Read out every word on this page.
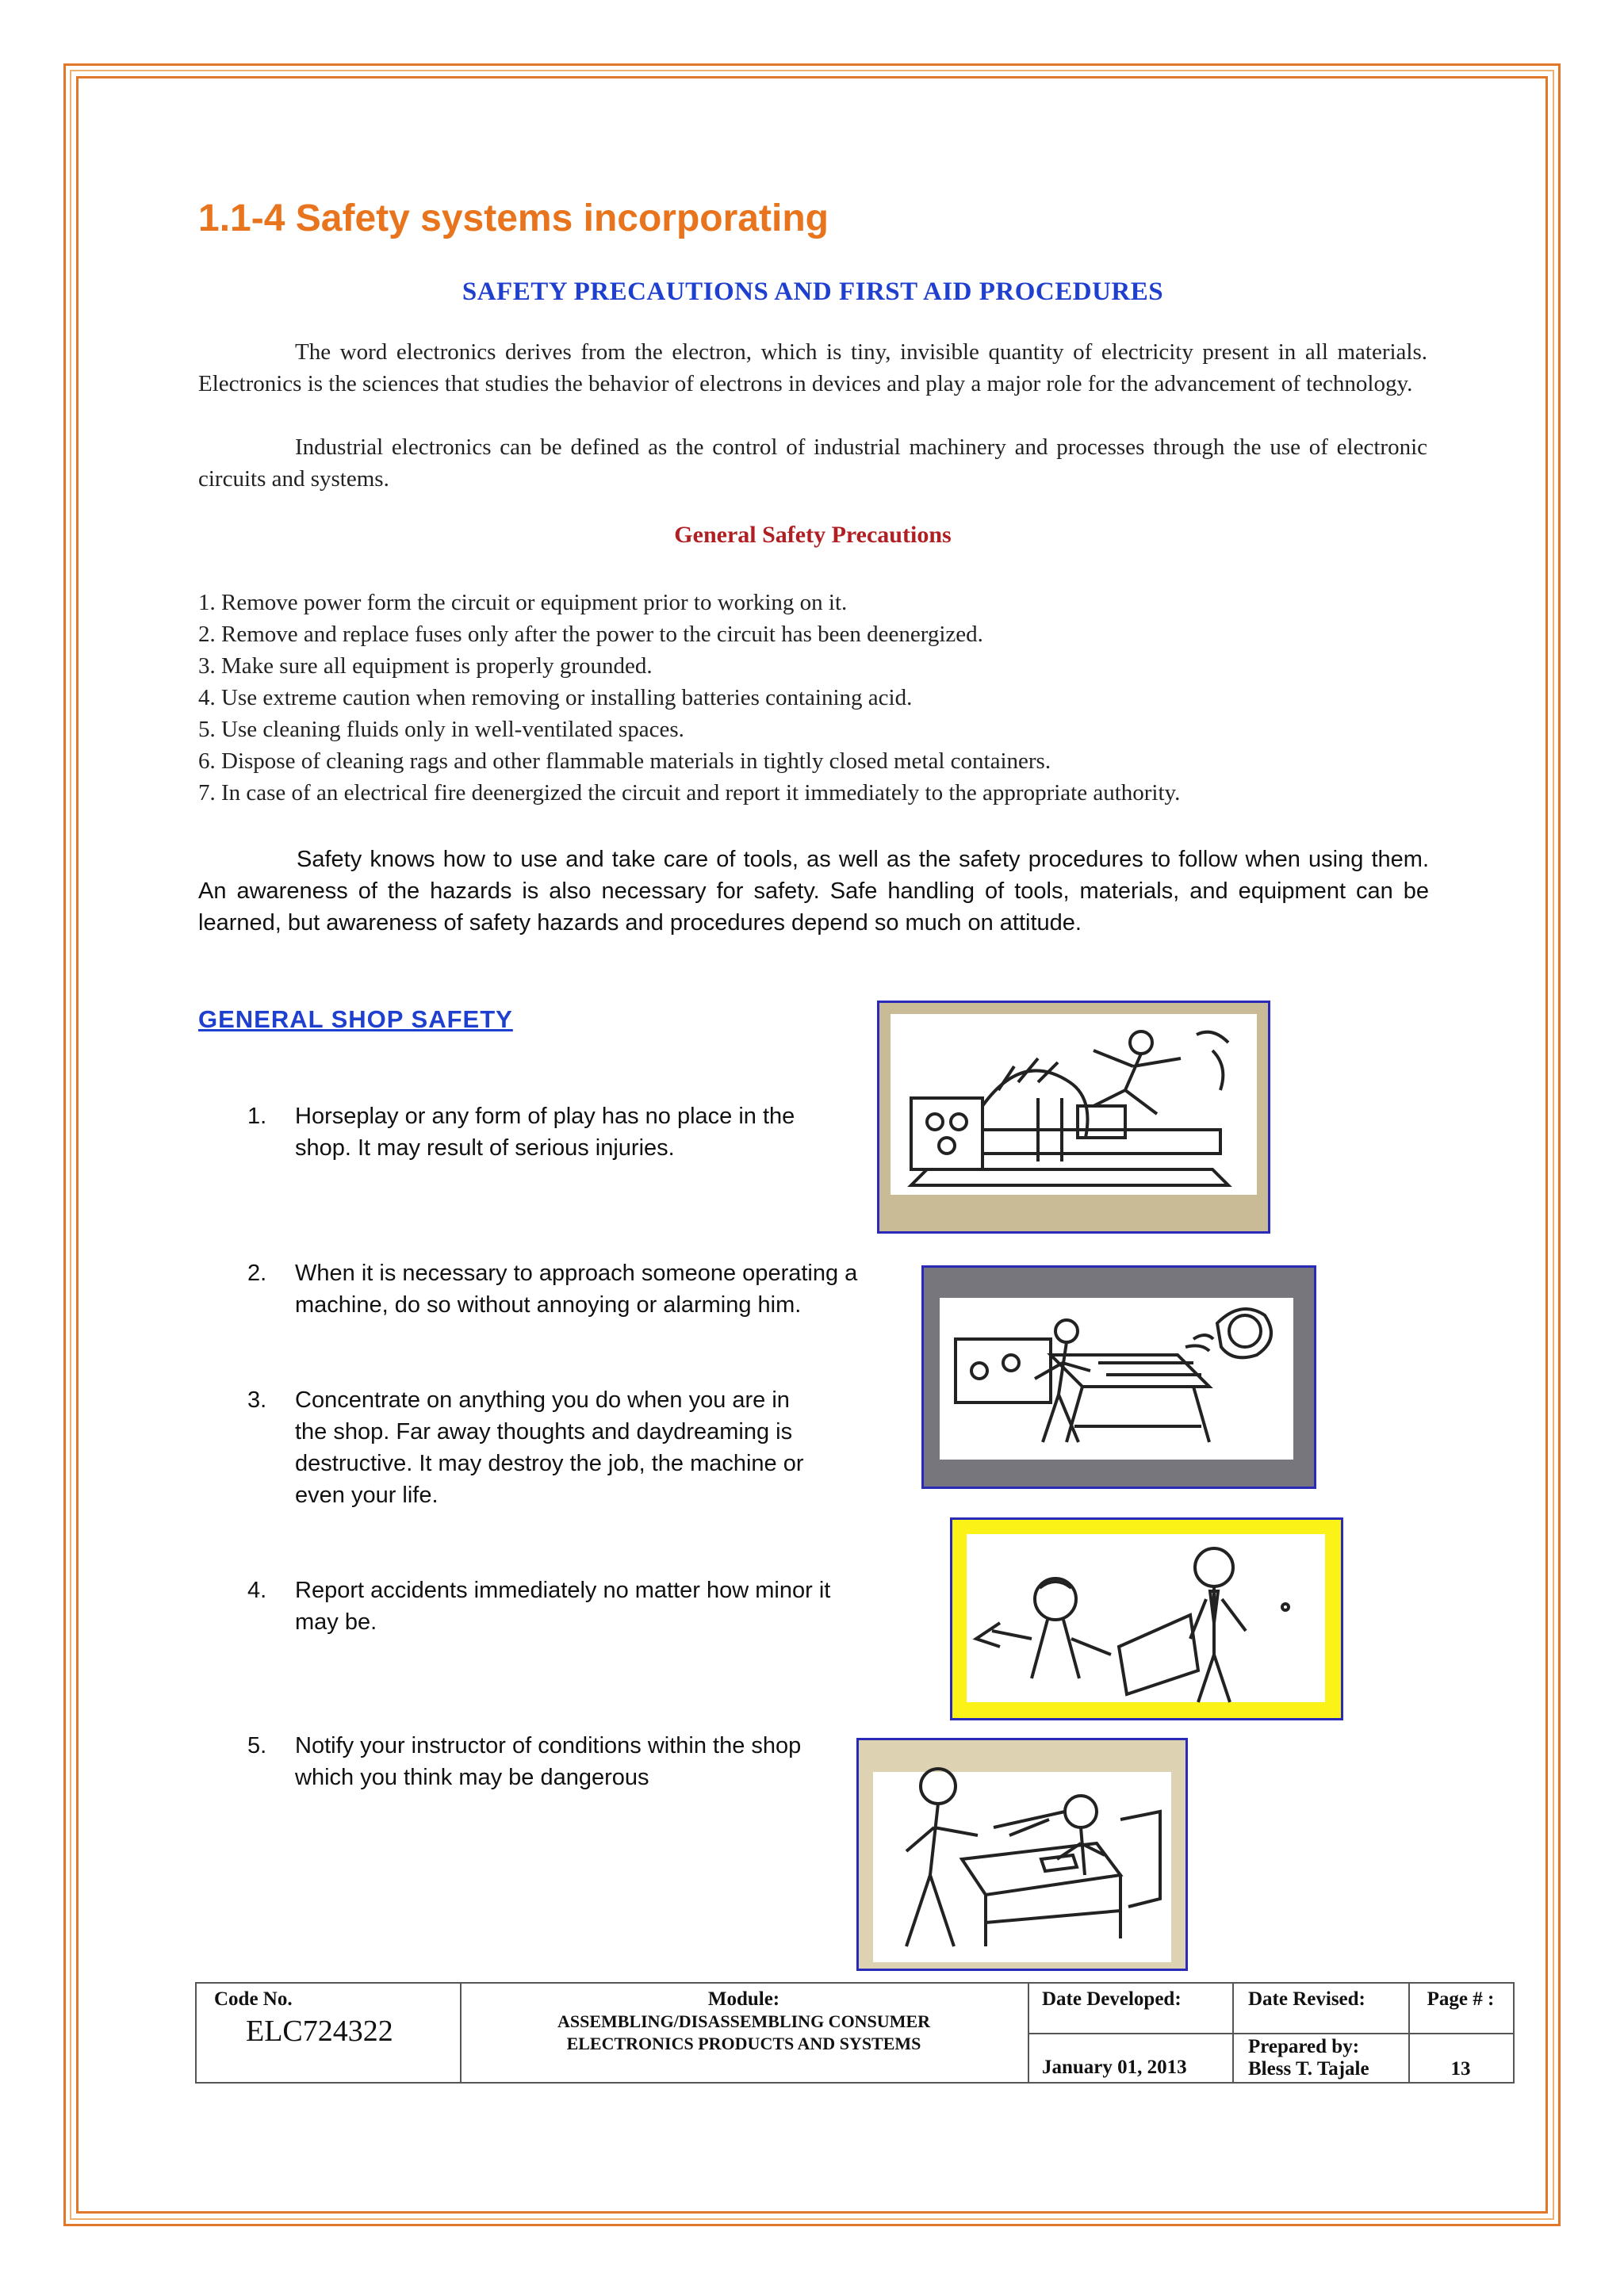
1.1-4 Safety systems incorporating
SAFETY PRECAUTIONS AND FIRST AID PROCEDURES
The word electronics derives from the electron, which is tiny, invisible quantity of electricity present in all materials. Electronics is the sciences that studies the behavior of electrons in devices and play a major role for the advancement of technology.
Industrial electronics can be defined as the control of industrial machinery and processes through the use of electronic circuits and systems.
General Safety Precautions
1. Remove power form the circuit or equipment prior to working on it.
2. Remove and replace fuses only after the power to the circuit has been deenergized.
3. Make sure all equipment is properly grounded.
4. Use extreme caution when removing or installing batteries containing acid.
5. Use cleaning fluids only in well-ventilated spaces.
6. Dispose of cleaning rags and other flammable materials in tightly closed metal containers.
7. In case of an electrical fire deenergized the circuit and report it immediately to the appropriate authority.
Safety knows how to use and take care of tools, as well as the safety procedures to follow when using them. An awareness of the hazards is also necessary for safety. Safe handling of tools, materials, and equipment can be learned, but awareness of safety hazards and procedures depend so much on attitude.
GENERAL SHOP SAFETY
1. Horseplay or any form of play has no place in the shop. It may result of serious injuries.
2. When it is necessary to approach someone operating a machine, do so without annoying or alarming him.
3. Concentrate on anything you do when you are in the shop. Far away thoughts and daydreaming is destructive. It may destroy the job, the machine or even your life.
4. Report accidents immediately no matter how minor it may be.
5. Notify your instructor of conditions within the shop which you think may be dangerous
Code No.
ELC724322
Module:
ASSEMBLING/DISASSEMBLING CONSUMER
ELECTRONICS PRODUCTS AND SYSTEMS
Date Developed:
January 01, 2013
Date Revised:
Prepared by:
Bless T. Tajale
Page # :
13
